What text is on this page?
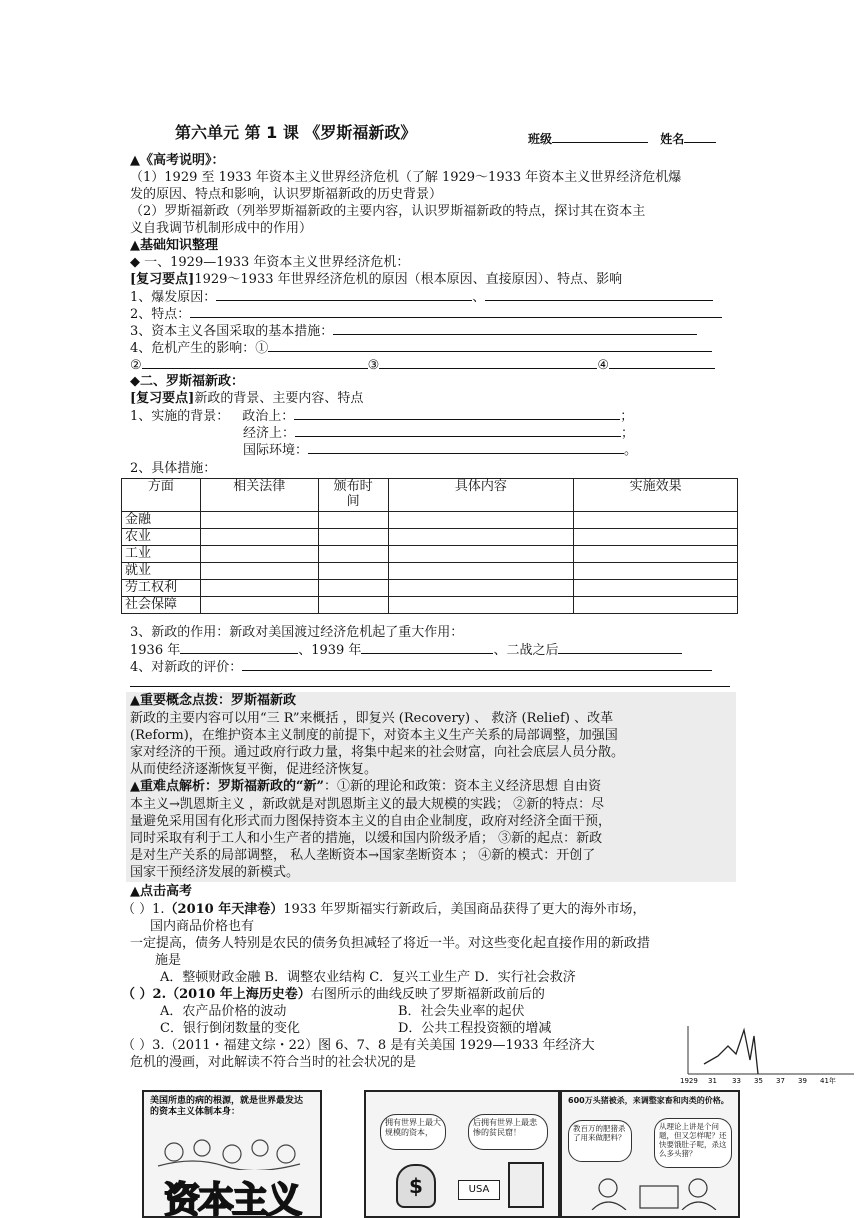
第六单元 第 1 课 《罗斯福新政》	班级	姓名
▲《高考说明》：
（1）1929 至 1933 年资本主义世界经济危机（了解 1929～1933 年资本主义世界经济危机爆
发的原因、特点和影响，认识罗斯福新政的历史背景）
（2）罗斯福新政（列举罗斯福新政的主要内容，认识罗斯福新政的特点，探讨其在资本主
义自我调节机制形成中的作用）
▲基础知识整理
◆ 一、1929—1933 年资本主义世界经济危机：
[复习要点]1929～1933 年世界经济危机的原因（根本原因、直接原因）、特点、影响
1、爆发原因：	、
2、特点：
3、资本主义各国采取的基本措施：
4、危机产生的影响：①
②	③	④
◆二、罗斯福新政：
[复习要点]新政的背景、主要内容、特点
1、实施的背景： 政治上：	；
经济上：	；
国际环境：	。
2、具体措施：
方面	相关法律	颁布时间	具体内容	实施效果
金融				
农业				
工业				
就业				
劳工权利				
社会保障				
3、新政的作用：新政对美国渡过经济危机起了重大作用：
1936 年	、1939 年	、二战之后
4、对新政的评价：
▲重要概念点拨：罗斯福新政
新政的主要内容可以用“三 R”来概括 ，即复兴 (Recovery) 、 救济 (Relief) 、改革
(Reform)，在维护资本主义制度的前提下，对资本主义生产关系的局部调整，加强国
家对经济的干预。通过政府行政力量，将集中起来的社会财富，向社会底层人员分散。
从而使经济逐渐恢复平衡，促进经济恢复。
▲重难点解析：罗斯福新政的“新”：①新的理论和政策：资本主义经济思想 自由资
本主义→凯恩斯主义 ，新政就是对凯恩斯主义的最大规模的实践； ②新的特点：尽
量避免采用国有化形式而力图保持资本主义的自由企业制度，政府对经济全面干预，
同时采取有利于工人和小生产者的措施，以缓和国内阶级矛盾； ③新的起点：新政
是对生产关系的局部调整， 私人垄断资本→国家垄断资本 ； ④新的模式：开创了
国家干预经济发展的新模式。
▲点击高考
（ ）1.（2010 年天津卷）1933 年罗斯福实行新政后，美国商品获得了更大的海外市场，
国内商品价格也有
一定提高，债务人特别是农民的债务负担减轻了将近一半。对这些变化起直接作用的新政措
施是
A．整顿财政金融 B．调整农业结构 C．复兴工业生产 D．实行社会救济
（ ）2.（2010 年上海历史卷）右图所示的曲线反映了罗斯福新政前后的
A．农产品价格的波动	B．社会失业率的起伏
C．银行倒闭数量的变化	D．公共工程投资额的增减
（ ）3.（2011・福建文综・22）图 6、7、8 是有关美国 1929—1933 年经济大
危机的漫画，对此解读不符合当时的社会状况的是
1929 31 33 35 37 39 41年
美国所患的病的根源，就是世界最发达的资本主义体制本身：
资本主义
拥有世界上最大规模的资本，
后拥有世界上最悲惨的贫民窟！
$	USA
600万头猪被杀，来调整家畜和肉类的价格。
教百万的肥猪杀了用来做肥料？
从理论上讲是个问题，但又怎样呢？还快要饿肚子呢，杀这么多头猪？
